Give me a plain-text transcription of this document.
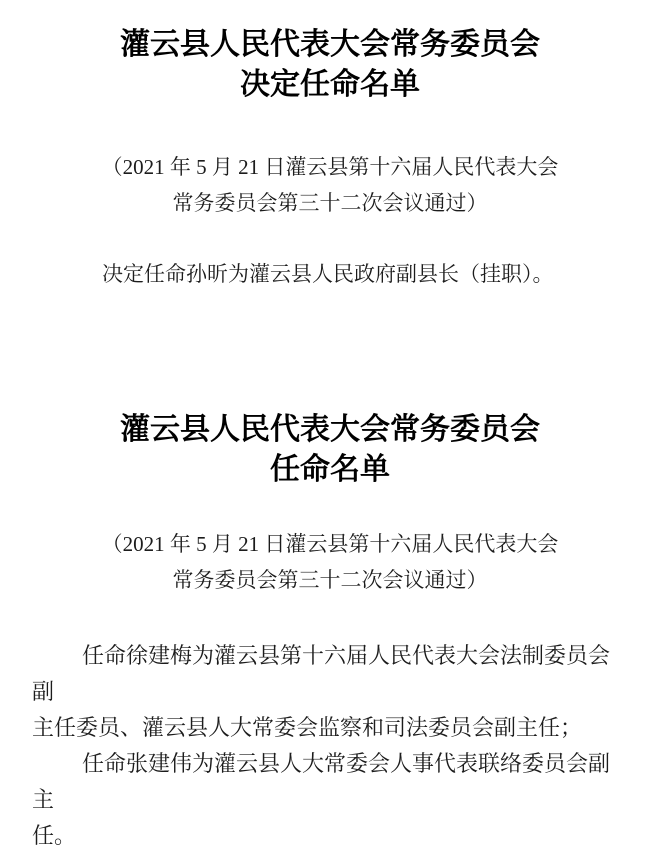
灌云县人民代表大会常务委员会
决定任命名单
（2021 年 5 月 21 日灌云县第十六届人民代表大会
常务委员会第三十二次会议通过）
决定任命孙昕为灌云县人民政府副县长（挂职）。
灌云县人民代表大会常务委员会
任命名单
（2021 年 5 月 21 日灌云县第十六届人民代表大会
常务委员会第三十二次会议通过）
任命徐建梅为灌云县第十六届人民代表大会法制委员会副
主任委员、灌云县人大常委会监察和司法委员会副主任；
任命张建伟为灌云县人大常委会人事代表联络委员会副主
任。
